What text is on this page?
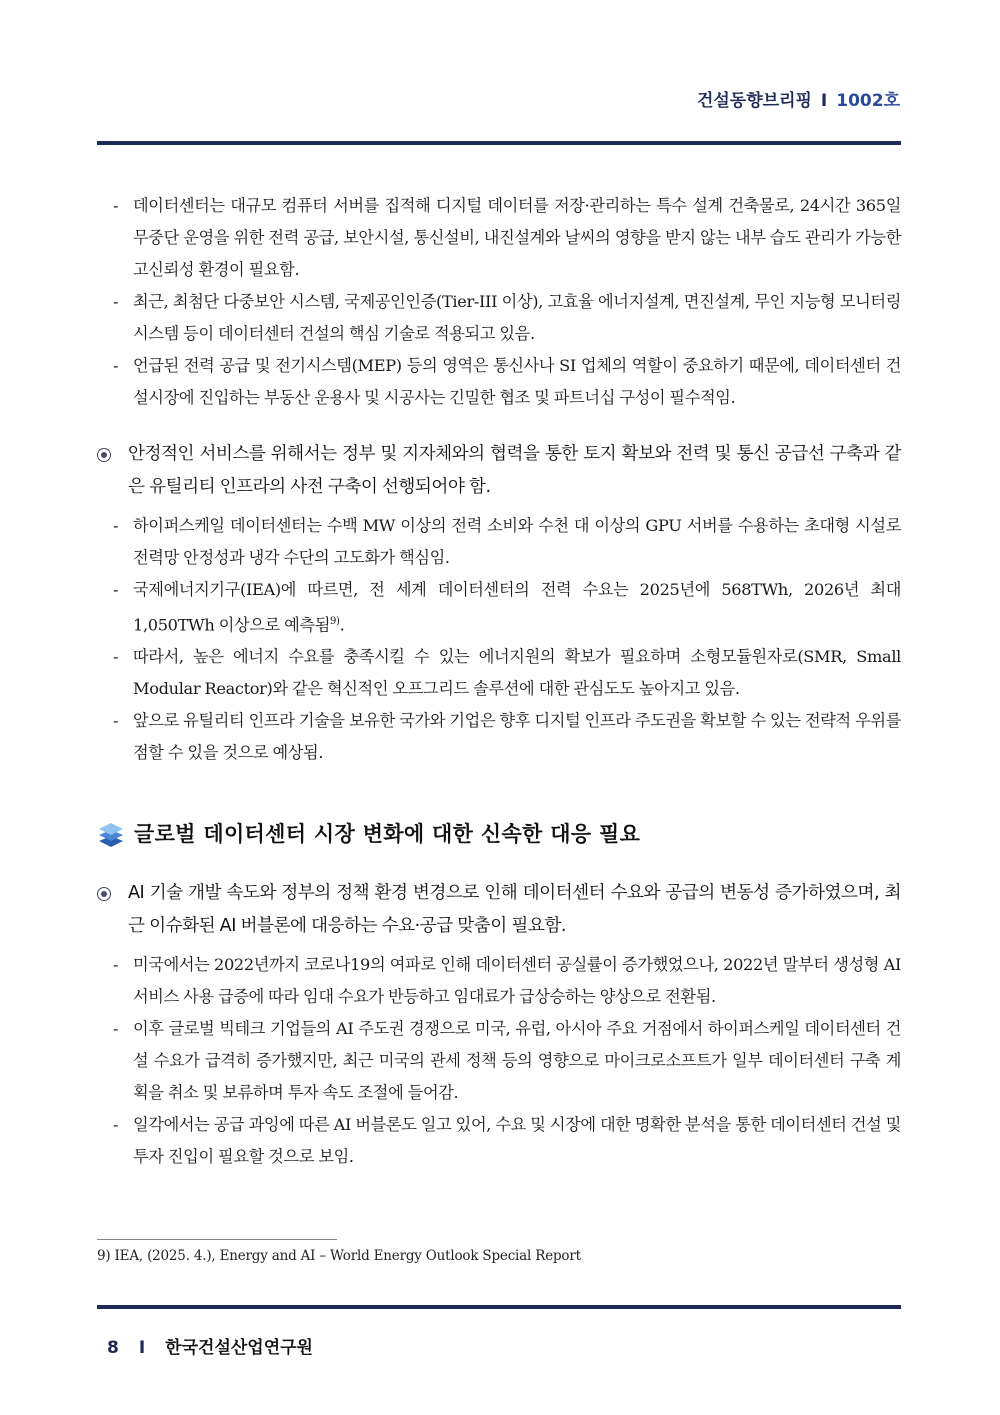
건설동향브리핑 I 1002호
- 데이터센터는 대규모 컴퓨터 서버를 집적해 디지털 데이터를 저장·관리하는 특수 설계 건축물로, 24시간 365일 무중단 운영을 위한 전력 공급, 보안시설, 통신설비, 내진설계와 날씨의 영향을 받지 않는 내부 습도 관리가 가능한 고신뢰성 환경이 필요함.
- 최근, 최첨단 다중보안 시스템, 국제공인인증(Tier-III 이상), 고효율 에너지설계, 면진설계, 무인 지능형 모니터링 시스템 등이 데이터센터 건설의 핵심 기술로 적용되고 있음.
- 언급된 전력 공급 및 전기시스템(MEP) 등의 영역은 통신사나 SI 업체의 역할이 중요하기 때문에, 데이터센터 건설시장에 진입하는 부동산 운용사 및 시공사는 긴밀한 협조 및 파트너십 구성이 필수적임.
안정적인 서비스를 위해서는 정부 및 지자체와의 협력을 통한 토지 확보와 전력 및 통신 공급선 구축과 같은 유틸리티 인프라의 사전 구축이 선행되어야 함.
- 하이퍼스케일 데이터센터는 수백 MW 이상의 전력 소비와 수천 대 이상의 GPU 서버를 수용하는 초대형 시설로 전력망 안정성과 냉각 수단의 고도화가 핵심임.
- 국제에너지기구(IEA)에 따르면, 전 세계 데이터센터의 전력 수요는 2025년에 568TWh, 2026년 최대 1,050TWh 이상으로 예측됨$^{9)}$.
- 따라서, 높은 에너지 수요를 충족시킬 수 있는 에너지원의 확보가 필요하며 소형모듈원자로(SMR, Small Modular Reactor)와 같은 혁신적인 오프그리드 솔루션에 대한 관심도도 높아지고 있음.
- 앞으로 유틸리티 인프라 기술을 보유한 국가와 기업은 향후 디지털 인프라 주도권을 확보할 수 있는 전략적 우위를 점할 수 있을 것으로 예상됨.
글로벌 데이터센터 시장 변화에 대한 신속한 대응 필요
AI 기술 개발 속도와 정부의 정책 환경 변경으로 인해 데이터센터 수요와 공급의 변동성 증가하였으며, 최근 이슈화된 AI 버블론에 대응하는 수요·공급 맞춤이 필요함.
- 미국에서는 2022년까지 코로나19의 여파로 인해 데이터센터 공실률이 증가했었으나, 2022년 말부터 생성형 AI 서비스 사용 급증에 따라 임대 수요가 반등하고 임대료가 급상승하는 양상으로 전환됨.
- 이후 글로벌 빅테크 기업들의 AI 주도권 경쟁으로 미국, 유럽, 아시아 주요 거점에서 하이퍼스케일 데이터센터 건설 수요가 급격히 증가했지만, 최근 미국의 관세 정책 등의 영향으로 마이크로소프트가 일부 데이터센터 구축 계획을 취소 및 보류하며 투자 속도 조절에 들어감.
- 일각에서는 공급 과잉에 따른 AI 버블론도 일고 있어, 수요 및 시장에 대한 명확한 분석을 통한 데이터센터 건설 및 투자 진입이 필요할 것으로 보임.
9) IEA, (2025. 4.), Energy and AI – World Energy Outlook Special Report
8 I 한국건설산업연구원
